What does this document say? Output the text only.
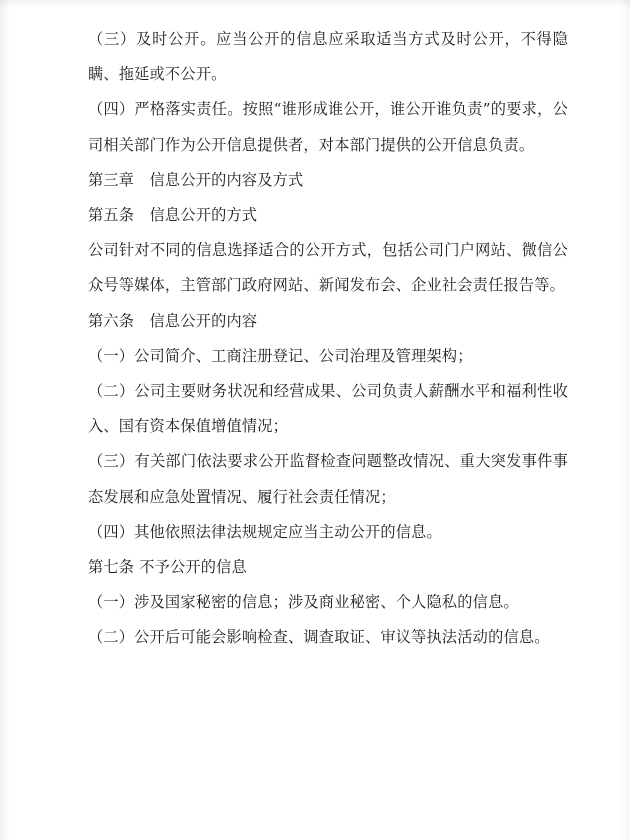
（三）及时公开。应当公开的信息应采取适当方式及时公开，不得隐瞒、拖延或不公开。

（四）严格落实责任。按照“谁形成谁公开，谁公开谁负责”的要求，公司相关部门作为公开信息提供者，对本部门提供的公开信息负责。

第三章　信息公开的内容及方式

第五条　信息公开的方式

公司针对不同的信息选择适合的公开方式，包括公司门户网站、微信公众号等媒体，主管部门政府网站、新闻发布会、企业社会责任报告等。

第六条　信息公开的内容

（一）公司简介、工商注册登记、公司治理及管理架构；

（二）公司主要财务状况和经营成果、公司负责人薪酬水平和福利性收入、国有资本保值增值情况；

（三）有关部门依法要求公开监督检查问题整改情况、重大突发事件事态发展和应急处置情况、履行社会责任情况；

（四）其他依照法律法规规定应当主动公开的信息。

第七条 不予公开的信息

（一）涉及国家秘密的信息；涉及商业秘密、个人隐私的信息。

（二）公开后可能会影响检查、调查取证、审议等执法活动的信息。
